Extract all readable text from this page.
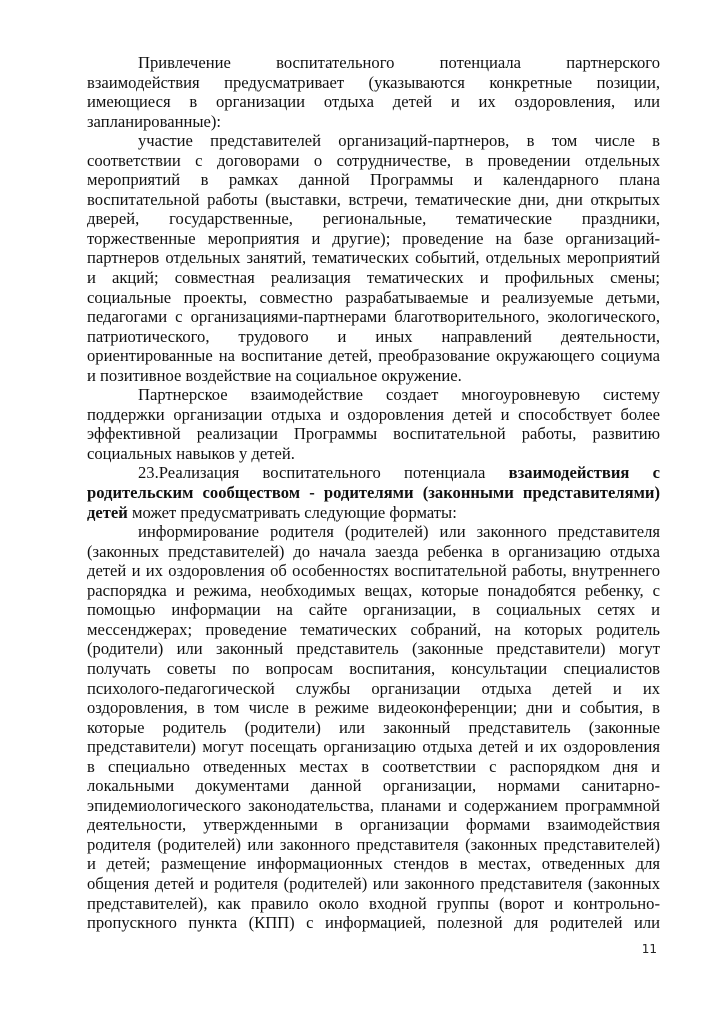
Привлечение воспитательного потенциала партнерского
взаимодействия предусматривает (указываются конкретные позиции,
имеющиеся в организации отдыха детей и их оздоровления, или
запланированные):
участие представителей организаций-партнеров, в том числе в
соответствии с договорами о сотрудничестве, в проведении отдельных
мероприятий в рамках данной Программы и календарного плана
воспитательной работы (выставки, встречи, тематические дни, дни открытых
дверей, государственные, региональные, тематические праздники,
торжественные мероприятия и другие); проведение на базе организаций-
партнеров отдельных занятий, тематических событий, отдельных мероприятий
и акций; совместная реализация тематических и профильных смены;
социальные проекты, совместно разрабатываемые и реализуемые детьми,
педагогами с организациями-партнерами благотворительного, экологического,
патриотического, трудового и иных направлений деятельности,
ориентированные на воспитание детей, преобразование окружающего социума
и позитивное воздействие на социальное окружение.
Партнерское взаимодействие создает многоуровневую систему
поддержки организации отдыха и оздоровления детей и способствует более
эффективной реализации Программы воспитательной работы, развитию
социальных навыков у детей.
23.Реализация воспитательного потенциала взаимодействия с
родительским сообществом - родителями (законными представителями)
детей может предусматривать следующие форматы:
информирование родителя (родителей) или законного представителя
(законных представителей) до начала заезда ребенка в организацию отдыха
детей и их оздоровления об особенностях воспитательной работы, внутреннего
распорядка и режима, необходимых вещах, которые понадобятся ребенку, с
помощью информации на сайте организации, в социальных сетях и
мессенджерах; проведение тематических собраний, на которых родитель
(родители) или законный представитель (законные представители) могут
получать советы по вопросам воспитания, консультации специалистов
психолого-педагогической службы организации отдыха детей и их
оздоровления, в том числе в режиме видеоконференции; дни и события, в
которые родитель (родители) или законный представитель (законные
представители) могут посещать организацию отдыха детей и их оздоровления
в специально отведенных местах в соответствии с распорядком дня и
локальными документами данной организации, нормами санитарно-
эпидемиологического законодательства, планами и содержанием программной
деятельности, утвержденными в организации формами взаимодействия
родителя (родителей) или законного представителя (законных представителей)
и детей; размещение информационных стендов в местах, отведенных для
общения детей и родителя (родителей) или законного представителя (законных
представителей), как правило около входной группы (ворот и контрольно-
пропускного пункта (КПП) с информацией, полезной для родителей или
11
